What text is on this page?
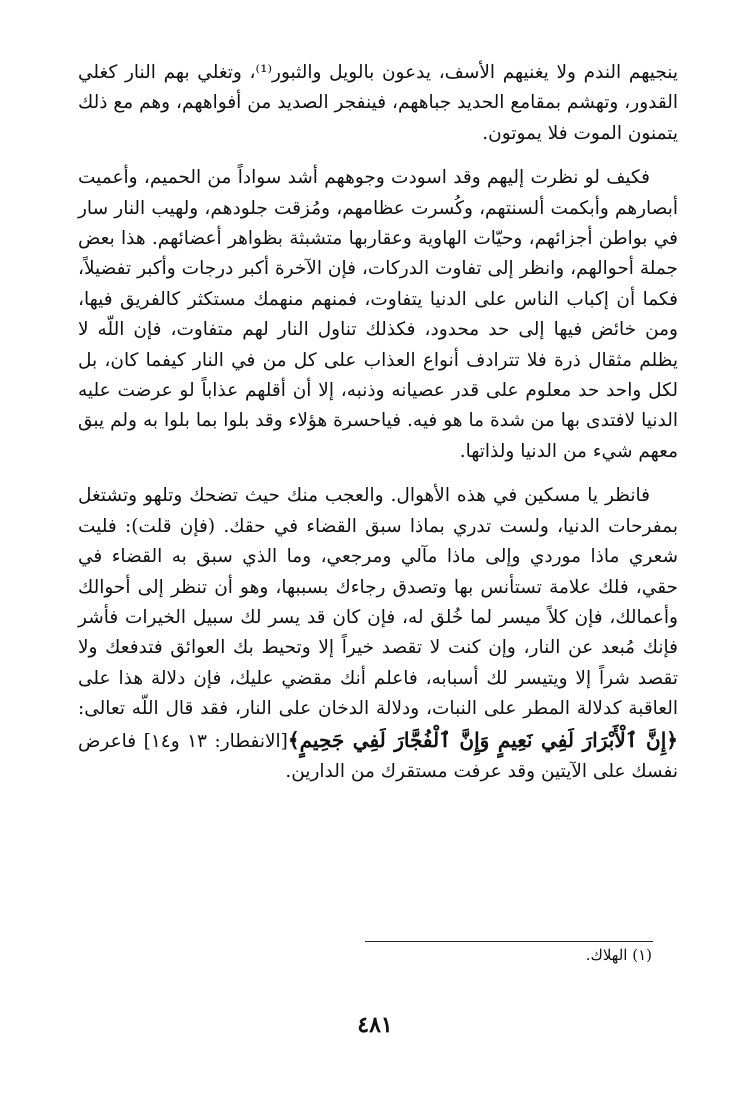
ينجيهم الندم ولا يغنيهم الأسف، يدعون بالويل والثبور⁽¹⁾، وتغلي بهم النار كغلي القدور، وتهشم بمقامع الحديد جباههم، فينفجر الصديد من أفواههم، وهم مع ذلك يتمنون الموت فلا يموتون.

فكيف لو نظرت إليهم وقد اسودت وجوههم أشد سواداً من الحميم، وأعميت أبصارهم وأبكمت ألسنتهم، وكُسرت عظامهم، ومُزقت جلودهم، ولهيب النار سار في بواطن أجزائهم، وحيّات الهاوية وعقاربها متشبثة بظواهر أعضائهم. هذا بعض جملة أحوالهم، وانظر إلى تفاوت الدركات، فإن الآخرة أكبر درجات وأكبر تفضيلاً، فكما أن إكباب الناس على الدنيا يتفاوت، فمنهم منهمك مستكثر كالفريق فيها، ومن خائض فيها إلى حد محدود، فكذلك تناول النار لهم متفاوت، فإن اللّه لا يظلم مثقال ذرة فلا تترادف أنواع العذاب على كل من في النار كيفما كان، بل لكل واحد حد معلوم على قدر عصيانه وذنبه، إلا أن أقلهم عذاباً لو عرضت عليه الدنيا لافتدى بها من شدة ما هو فيه. فياحسرة هؤلاء وقد بلوا بما بلوا به ولم يبق معهم شيء من الدنيا ولذاتها.

فانظر يا مسكين في هذه الأهوال. والعجب منك حيث تضحك وتلهو وتشتغل بمفرحات الدنيا، ولست تدري بماذا سبق القضاء في حقك. (فإن قلت): فليت شعري ماذا موردي وإلى ماذا مآلي ومرجعي، وما الذي سبق به القضاء في حقي، فلك علامة تستأنس بها وتصدق رجاءك بسببها، وهو أن تنظر إلى أحوالك وأعمالك، فإن كلاً ميسر لما خُلق له، فإن كان قد يسر لك سبيل الخيرات فأشر فإنك مُبعد عن النار، وإن كنت لا تقصد خيراً إلا وتحيط بك العوائق فتدفعك ولا تقصد شراً إلا ويتيسر لك أسبابه، فاعلم أنك مقضي عليك، فإن دلالة هذا على العاقبة كدلالة المطر على النبات، ودلالة الدخان على النار، فقد قال اللّه تعالى: ﴿إِنَّ ٱلْأَبْرَارَ لَفِي نَعِيمٍ وَإِنَّ ٱلْفُجَّارَ لَفِي جَحِيمٍ﴾[الانفطار: ١٣ و١٤] فاعرض نفسك على الآيتين وقد عرفت مستقرك من الدارين.

(١) الهلاك.
٤٨١
